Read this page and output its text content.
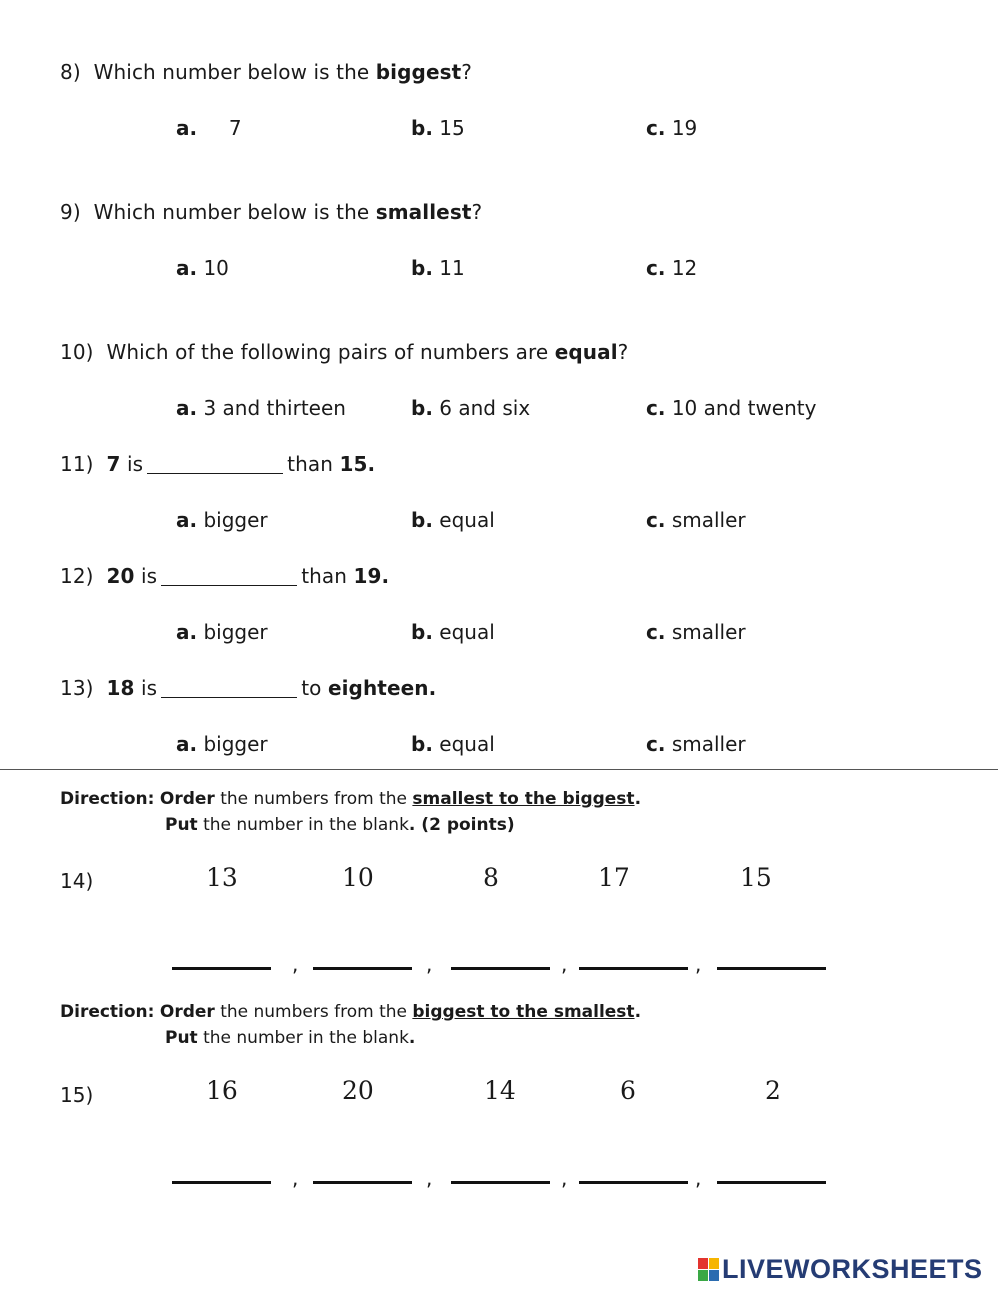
8) Which number below is the biggest?
a. 7	b. 15	c. 19
9) Which number below is the smallest?
a. 10	b. 11	c. 12
10) Which of the following pairs of numbers are equal?
a. 3 and thirteen	b. 6 and six	c. 10 and twenty
11) 7 is	than 15.
a. bigger	b. equal	c. smaller
12) 20 is	than 19.
a. bigger	b. equal	c. smaller
13) 18 is	to eighteen.
a. bigger	b. equal	c. smaller
Direction: Order the numbers from the smallest to the biggest.
Put the number in the blank. (2 points)
14)	13	10	8	17	15
,	,	,	,
Direction: Order the numbers from the biggest to the smallest.
Put the number in the blank.
15)	16	20	14	6	2
,	,	,	,
LIVEWORKSHEETS
